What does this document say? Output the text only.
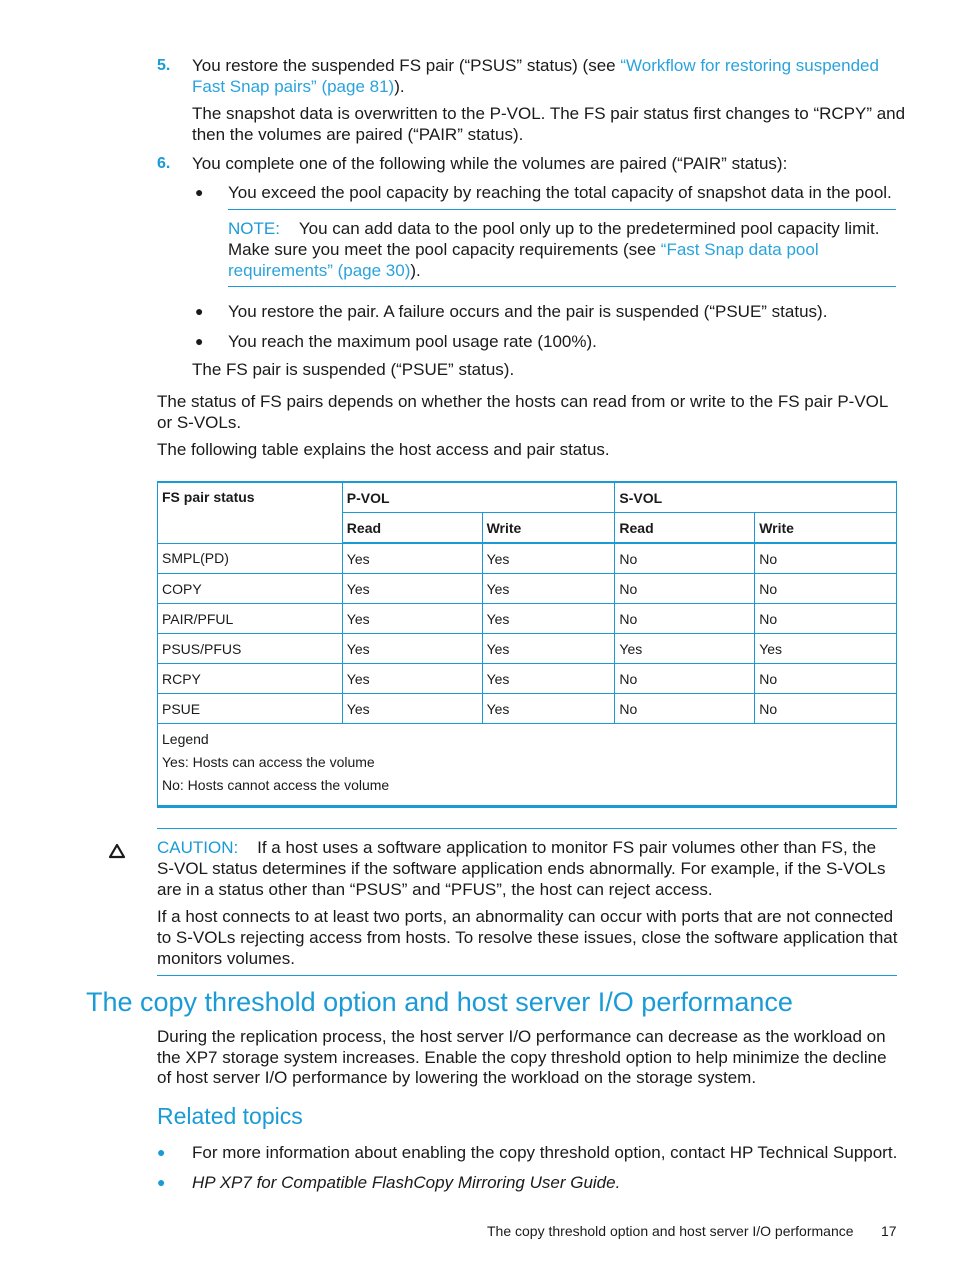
5. You restore the suspended FS pair (“PSUS” status) (see “Workflow for restoring suspended
Fast Snap pairs” (page 81)).
The snapshot data is overwritten to the P-VOL. The FS pair status first changes to “RCPY” and
then the volumes are paired (“PAIR” status).
6. You complete one of the following while the volumes are paired (“PAIR” status):
● You exceed the pool capacity by reaching the total capacity of snapshot data in the pool.
NOTE: You can add data to the pool only up to the predetermined pool capacity limit.
Make sure you meet the pool capacity requirements (see “Fast Snap data pool
requirements” (page 30)).
● You restore the pair. A failure occurs and the pair is suspended (“PSUE” status).
● You reach the maximum pool usage rate (100%).
The FS pair is suspended (“PSUE” status).
The status of FS pairs depends on whether the hosts can read from or write to the FS pair P-VOL
or S-VOLs.
The following table explains the host access and pair status.
FS pair status	P-VOL		S-VOL	
	Read	Write	Read	Write
SMPL(PD)	Yes	Yes	No	No
COPY	Yes	Yes	No	No
PAIR/PFUL	Yes	Yes	No	No
PSUS/PFUS	Yes	Yes	Yes	Yes
RCPY	Yes	Yes	No	No
PSUE	Yes	Yes	No	No

Legend
Yes: Hosts can access the volume
No: Hosts cannot access the volume				
CAUTION: If a host uses a software application to monitor FS pair volumes other than FS, the
S-VOL status determines if the software application ends abnormally. For example, if the S-VOLs
are in a status other than “PSUS” and “PFUS”, the host can reject access.
If a host connects to at least two ports, an abnormality can occur with ports that are not connected
to S-VOLs rejecting access from hosts. To resolve these issues, close the software application that
monitors volumes.
The copy threshold option and host server I/O performance
During the replication process, the host server I/O performance can decrease as the workload on
the XP7 storage system increases. Enable the copy threshold option to help minimize the decline
of host server I/O performance by lowering the workload on the storage system.
Related topics
● For more information about enabling the copy threshold option, contact HP Technical Support.
● HP XP7 for Compatible FlashCopy Mirroring User Guide.
The copy threshold option and host server I/O performance 17
